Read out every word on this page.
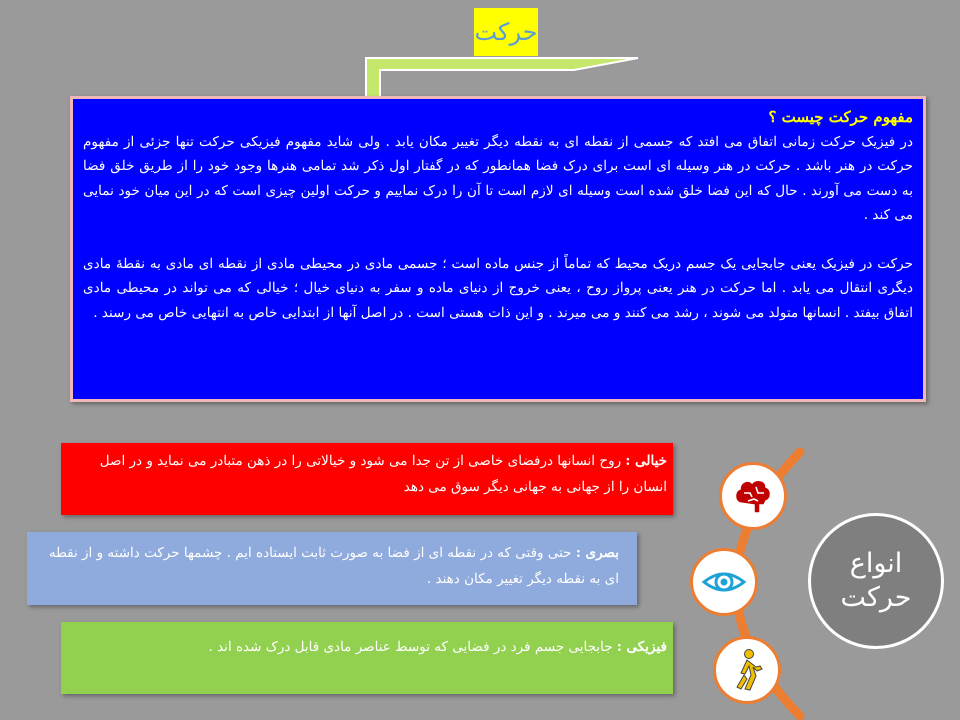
حرکت
مفهوم حرکت چیست ؟

در فیزیک حرکت زمانی اتفاق می افتد که جسمی از نقطه ای به نقطه دیگر تغییر مکان یابد . ولی شاید مفهوم فیزیکی حرکت تنها جزئی از مفهوم حرکت در هنر باشد . حرکت در هنر وسیله ای است برای درک فضا همانطور که در گفتار اول ذکر شد تمامی هنرها وجود خود را از طریق خلق فضا به دست می آورند . حال که این فضا خلق شده است وسیله ای لازم است تا آن را درک نماییم و حرکت اولین چیزی است که در این میان خود نمایی می کند .

حرکت در فیزیک یعنی جابجایی یک جسم دریک محیط که تماماً از جنس ماده است ؛ جسمی مادی در محیطی مادی از نقطه ای مادی به نقطهٔ مادی دیگری انتقال می یابد . اما حرکت در هنر یعنی پرواز روح ، یعنی خروج از دنیای ماده و سفر به دنیای خیال ؛ خیالی که می تواند در محیطی مادی اتفاق بیفتد . انسانها متولد می شوند ، رشد می کنند و می میرند . و این ذات هستی است . در اصل آنها از ابتدایی خاص به انتهایی خاص می رسند .

خیالی : روح انسانها درفضای خاصی از تن جدا می شود و خیالاتی را در ذهن متبادر می نماید و در اصل انسان را از جهانی به جهانی دیگر سوق می دهد
بصری : حتی وقتی که در نقطه ای از فضا به صورت ثابت ایستاده ایم . چشمها حرکت داشته و از نقطه ای به نقطه دیگر تغییر مکان دهند .
فیزیکی : جابجایی جسم فرد در فضایی که توسط عناصر مادی قابل درک شده اند .
انواع
حرکت
